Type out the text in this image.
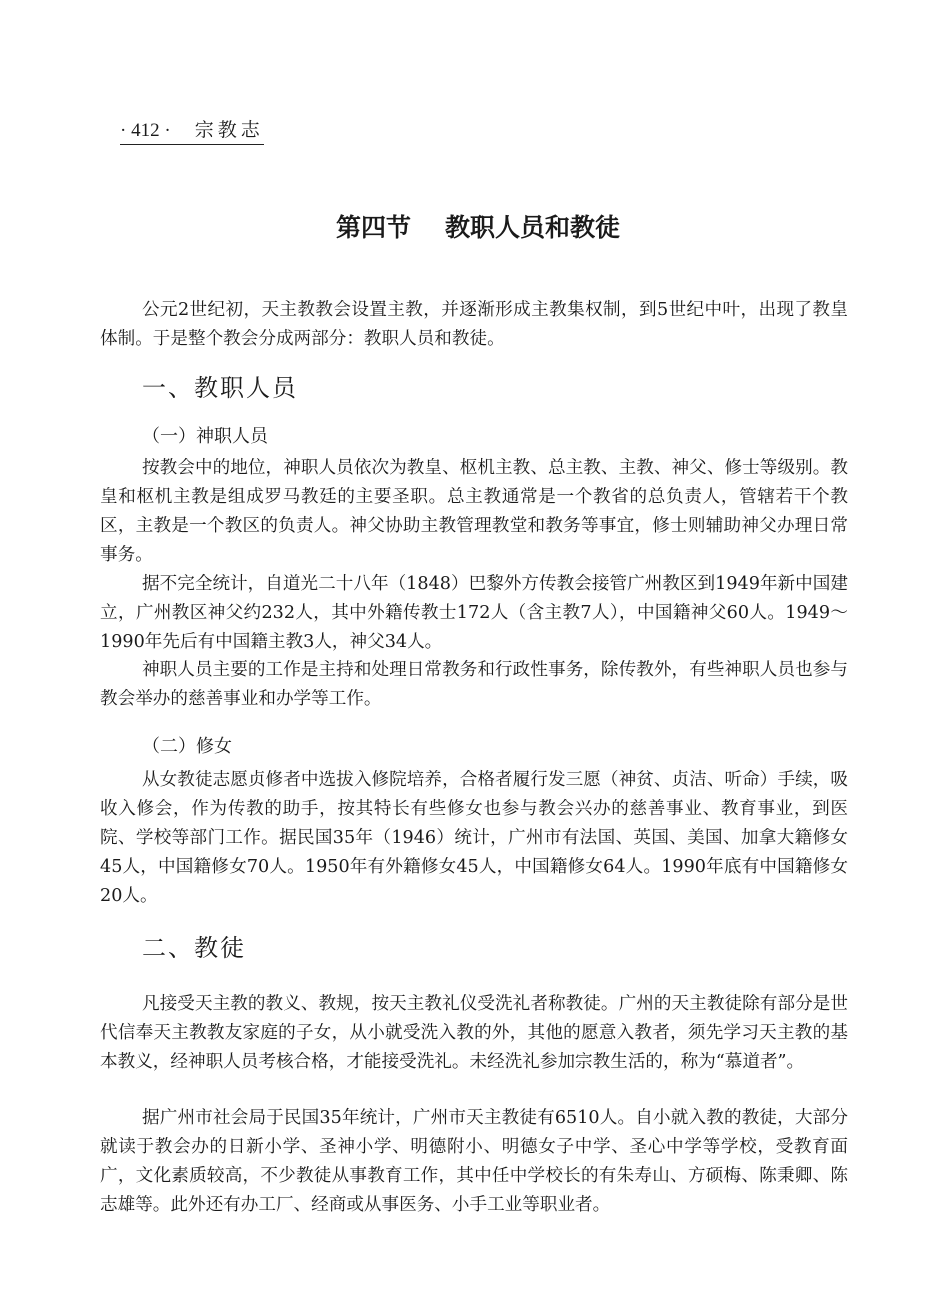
· 412 · 宗教志
第四节 教职人员和教徒

公元2世纪初，天主教教会设置主教，并逐渐形成主教集权制，到5世纪中叶，出现了教皇体制。于是整个教会分成两部分：教职人员和教徒。

一、教职人员
（一）神职人员

按教会中的地位，神职人员依次为教皇、枢机主教、总主教、主教、神父、修士等级别。教皇和枢机主教是组成罗马教廷的主要圣职。总主教通常是一个教省的总负责人，管辖若干个教区，主教是一个教区的负责人。神父协助主教管理教堂和教务等事宜，修士则辅助神父办理日常事务。

据不完全统计，自道光二十八年（1848）巴黎外方传教会接管广州教区到1949年新中国建立，广州教区神父约232人，其中外籍传教士172人（含主教7人），中国籍神父60人。1949～1990年先后有中国籍主教3人，神父34人。

神职人员主要的工作是主持和处理日常教务和行政性事务，除传教外，有些神职人员也参与教会举办的慈善事业和办学等工作。

（二）修女

从女教徒志愿贞修者中选拔入修院培养，合格者履行发三愿（神贫、贞洁、听命）手续，吸收入修会，作为传教的助手，按其特长有些修女也参与教会兴办的慈善事业、教育事业，到医院、学校等部门工作。据民国35年（1946）统计，广州市有法国、英国、美国、加拿大籍修女45人，中国籍修女70人。1950年有外籍修女45人，中国籍修女64人。1990年底有中国籍修女20人。

二、教徒

凡接受天主教的教义、教规，按天主教礼仪受洗礼者称教徒。广州的天主教徒除有部分是世代信奉天主教教友家庭的子女，从小就受洗入教的外，其他的愿意入教者，须先学习天主教的基本教义，经神职人员考核合格，才能接受洗礼。未经洗礼参加宗教生活的，称为“慕道者”。

据广州市社会局于民国35年统计，广州市天主教徒有6510人。自小就入教的教徒，大部分就读于教会办的日新小学、圣神小学、明德附小、明德女子中学、圣心中学等学校，受教育面广，文化素质较高，不少教徒从事教育工作，其中任中学校长的有朱寿山、方硕梅、陈秉卿、陈志雄等。此外还有办工厂、经商或从事医务、小手工业等职业者。
